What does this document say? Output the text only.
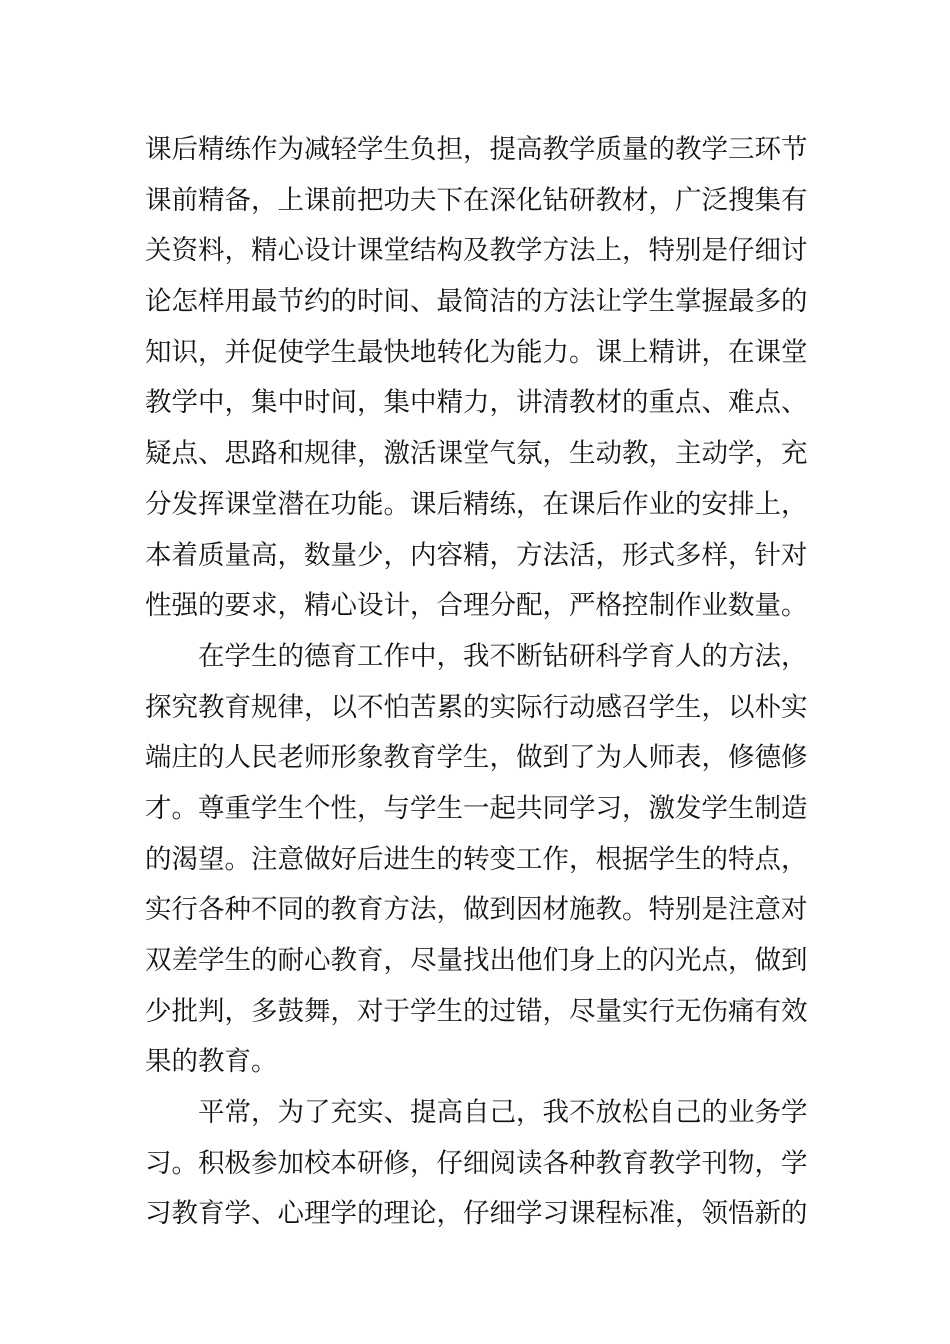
课后精练作为减轻学生负担，提高教学质量的教学三环节
课前精备，上课前把功夫下在深化钻研教材，广泛搜集有
关资料，精心设计课堂结构及教学方法上，特别是仔细讨
论怎样用最节约的时间、最简洁的方法让学生掌握最多的
知识，并促使学生最快地转化为能力。课上精讲，在课堂
教学中，集中时间，集中精力，讲清教材的重点、难点、
疑点、思路和规律，激活课堂气氛，生动教，主动学，充
分发挥课堂潜在功能。课后精练，在课后作业的安排上，
本着质量高，数量少，内容精，方法活，形式多样，针对
性强的要求，精心设计，合理分配，严格控制作业数量。
在学生的德育工作中，我不断钻研科学育人的方法，
探究教育规律，以不怕苦累的实际行动感召学生，以朴实
端庄的人民老师形象教育学生，做到了为人师表，修德修
才。尊重学生个性，与学生一起共同学习，激发学生制造
的渴望。注意做好后进生的转变工作，根据学生的特点，
实行各种不同的教育方法，做到因材施教。特别是注意对
双差学生的耐心教育，尽量找出他们身上的闪光点，做到
少批判，多鼓舞，对于学生的过错，尽量实行无伤痛有效
果的教育。
平常，为了充实、提高自己，我不放松自己的业务学
习。积极参加校本研修，仔细阅读各种教育教学刊物，学
习教育学、心理学的理论，仔细学习课程标准，领悟新的
